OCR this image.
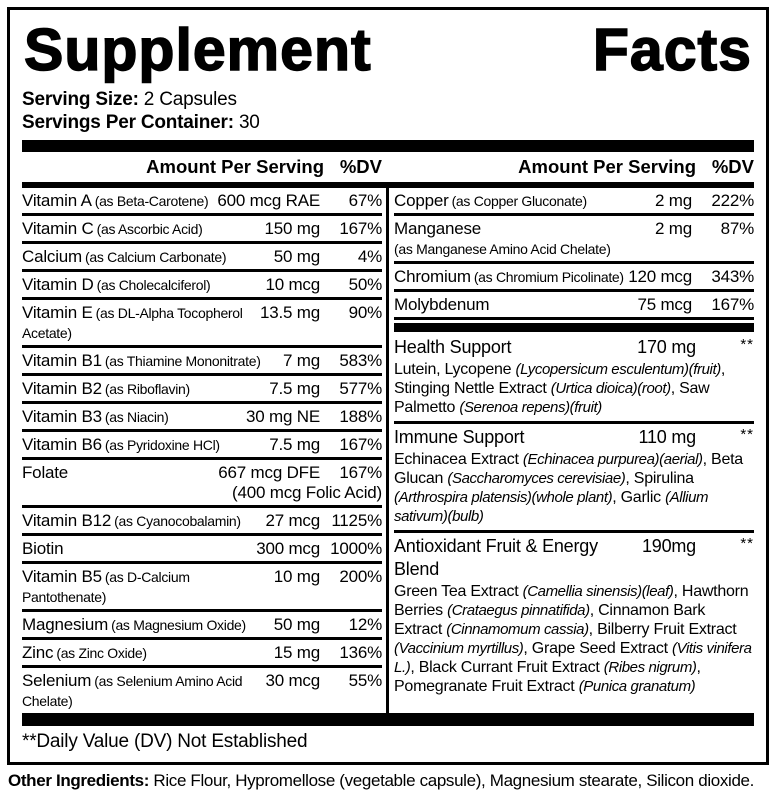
Supplement	Facts
Serving Size: 2 Capsules
Servings Per Container: 30
Amount Per Serving %DV	Amount Per Serving %DV
Vitamin A (as Beta-Carotene) 600 mcg RAE	67%
Vitamin C (as Ascorbic Acid)	150 mg	167%
Calcium (as Calcium Carbonate)	50 mg	4%
Vitamin D (as Cholecalciferol)	10 mcg	50%
Vitamin E (as DL-Alpha Tocopherol Acetate)
13.5 mg	90%
Vitamin B1 (as Thiamine Mononitrate)	7 mg	583%
Vitamin B2 (as Riboflavin)	7.5 mg	577%
Vitamin B3 (as Niacin)	30 mg NE	188%
Vitamin B6 (as Pyridoxine HCl)	7.5 mg	167%
Folate	667 mcg DFE	167%
(400 mcg Folic Acid)
Vitamin B12 (as Cyanocobalamin)	27 mcg 1125%
Biotin	300 mcg 1000%
Vitamin B5 (as D-Calcium Pantothenate)
10 mg	200%
Magnesium (as Magnesium Oxide)	50 mg	12%
Zinc (as Zinc Oxide)	15 mg	136%
Selenium (as Selenium Amino Acid Chelate)
30 mcg	55%
Copper (as Copper Gluconate)	2 mg	222%
Manganese
(as Manganese Amino Acid Chelate)
2 mg	87%
Chromium (as Chromium Picolinate) 120 mcg	343%
Molybdenum	75 mcg	167%
Health Support	170 mg	**
Lutein, Lycopene (Lycopersicum esculentum)(fruit), Stinging Nettle Extract (Urtica dioica)(root), Saw Palmetto (Serenoa repens)(fruit)
Immune Support	110 mg	**
Echinacea Extract (Echinacea purpurea)(aerial), Beta Glucan (Saccharomyces cerevisiae), Spirulina (Arthrospira platensis)(whole plant), Garlic (Allium sativum)(bulb)
Antioxidant Fruit & Energy Blend
190mg	**
Green Tea Extract (Camellia sinensis)(leaf), Hawthorn Berries (Crataegus pinnatifida), Cinnamon Bark Extract (Cinnamomum cassia), Bilberry Fruit Extract (Vaccinium myrtillus), Grape Seed Extract (Vitis vinifera L.), Black Currant Fruit Extract (Ribes nigrum), Pomegranate Fruit Extract (Punica granatum)
**Daily Value (DV) Not Established
Other Ingredients: Rice Flour, Hypromellose (vegetable capsule), Magnesium stearate, Silicon dioxide.
